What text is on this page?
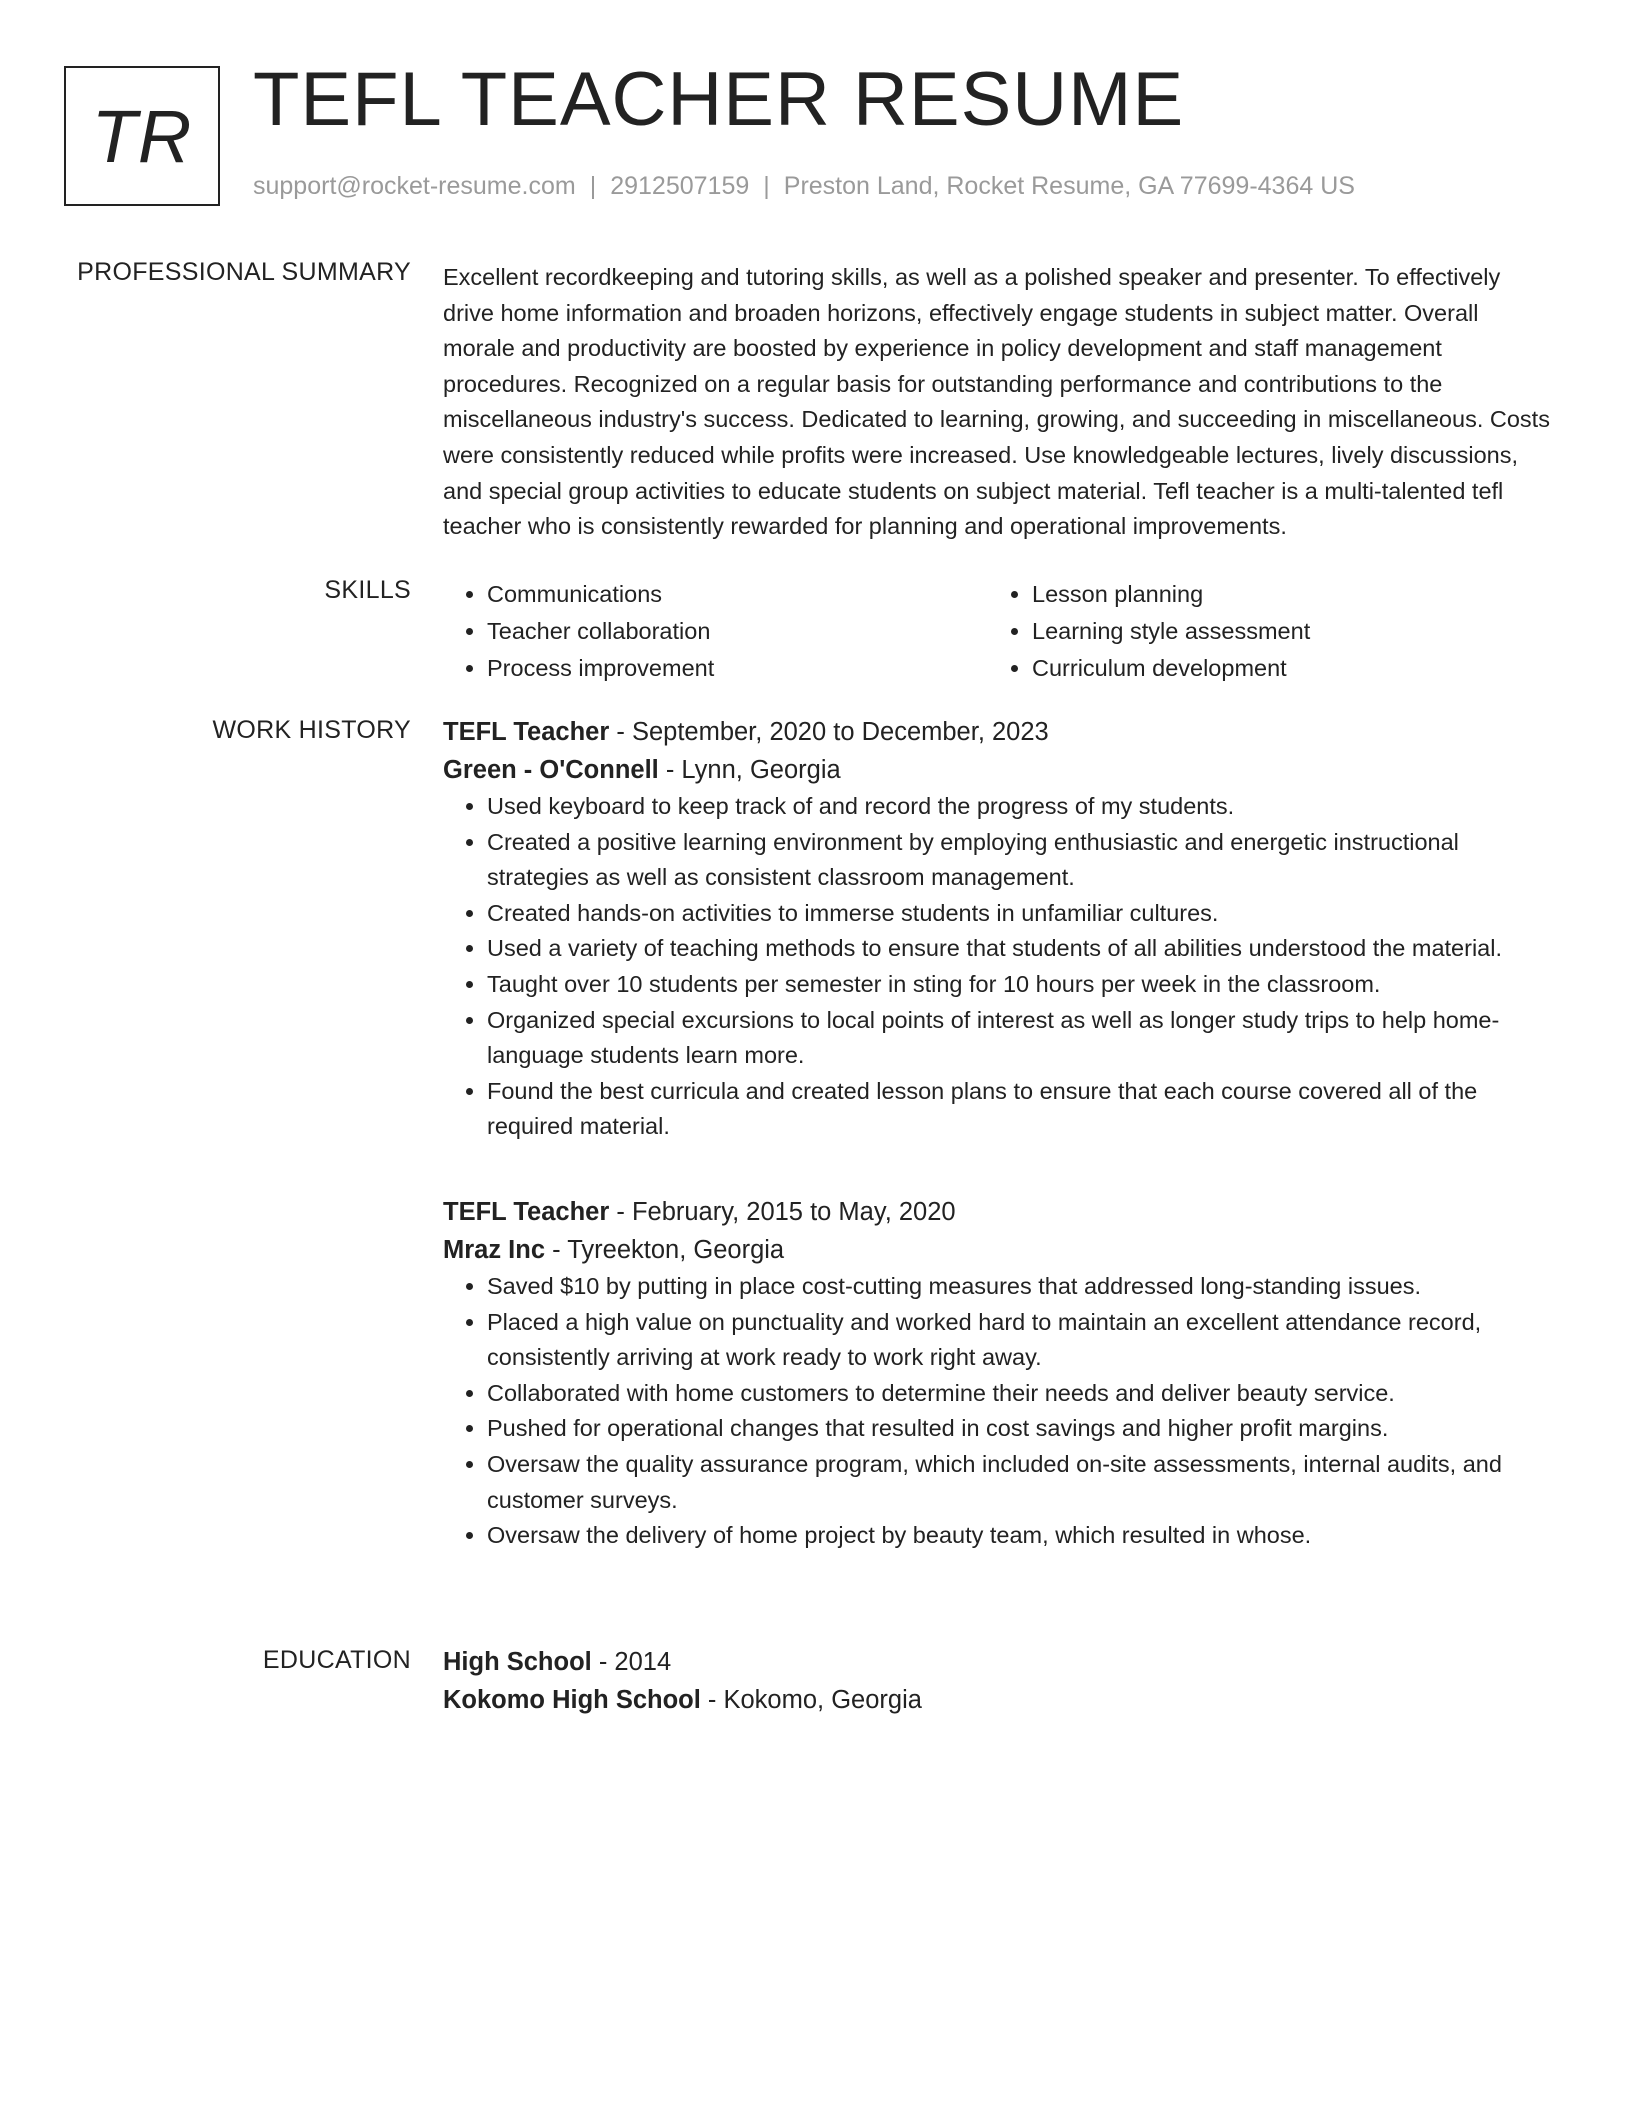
TR TEFL TEACHER RESUME
support@rocket-resume.com | 2912507159 | Preston Land, Rocket Resume, GA 77699-4364 US
PROFESSIONAL SUMMARY Excellent recordkeeping and tutoring skills, as well as a polished speaker and presenter. To effectively drive home information and broaden horizons, effectively engage students in subject matter. Overall morale and productivity are boosted by experience in policy development and staff management procedures. Recognized on a regular basis for outstanding performance and contributions to the miscellaneous industry's success. Dedicated to learning, growing, and succeeding in miscellaneous. Costs were consistently reduced while profits were increased. Use knowledgeable lectures, lively discussions, and special group activities to educate students on subject material. Tefl teacher is a multi-talented tefl teacher who is consistently rewarded for planning and operational improvements.

SKILLS
•	Communications
• Teacher collaboration
• Process improvement
• Lesson planning
• Learning style assessment
• Curriculum development
WORK HISTORY TEFL Teacher - September, 2020 to December, 2023
Green - O'Connell - Lynn, Georgia
• Used keyboard to keep track of and record the progress of my students.
• Created a positive learning environment by employing enthusiastic and energetic instructional strategies as well as consistent classroom management.
• Created hands-on activities to immerse students in unfamiliar cultures.
• Used a variety of teaching methods to ensure that students of all abilities understood the material.
• Taught over 10 students per semester in sting for 10 hours per week in the classroom.
• Organized special excursions to local points of interest as well as longer study trips to help home-language students learn more.
• Found the best curricula and created lesson plans to ensure that each course covered all of the required material.
TEFL Teacher - February, 2015 to May, 2020
Mraz Inc - Tyreekton, Georgia
• Saved $10 by putting in place cost-cutting measures that addressed long-standing issues.
• Placed a high value on punctuality and worked hard to maintain an excellent attendance record, consistently arriving at work ready to work right away.
• Collaborated with home customers to determine their needs and deliver beauty service.
• Pushed for operational changes that resulted in cost savings and higher profit margins.
• Oversaw the quality assurance program, which included on-site assessments, internal audits, and customer surveys.
• Oversaw the delivery of home project by beauty team, which resulted in whose.
EDUCATION High School - 2014
Kokomo High School - Kokomo, Georgia
